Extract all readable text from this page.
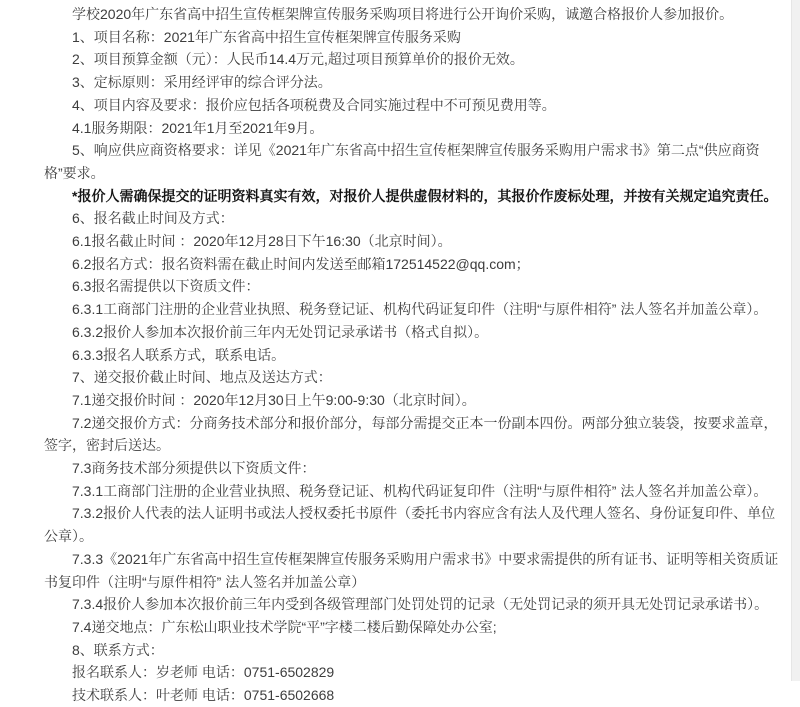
学校2020年广东省高中招生宣传框架牌宣传服务采购项目将进行公开询价采购，诚邀合格报价人参加报价。

1、项目名称：2021年广东省高中招生宣传框架牌宣传服务采购

2、项目预算金额（元）：人民币14.4万元,超过项目预算单价的报价无效。

3、定标原则：采用经评审的综合评分法。

4、项目内容及要求：报价应包括各项税费及合同实施过程中不可预见费用等。

4.1服务期限：2021年1月至2021年9月。

5、响应供应商资格要求：详见《2021年广东省高中招生宣传框架牌宣传服务采购用户需求书》第二点“供应商资格”要求。

*报价人需确保提交的证明资料真实有效，对报价人提供虚假材料的，其报价作废标处理，并按有关规定追究责任。

6、报名截止时间及方式：

6.1报名截止时间 ：2020年12月28日下午16:30（北京时间）。

6.2报名方式：报名资料需在截止时间内发送至邮箱172514522@qq.com；

6.3报名需提供以下资质文件：

6.3.1工商部门注册的企业营业执照、税务登记证、机构代码证复印件（注明“与原件相符” 法人签名并加盖公章）。

6.3.2报价人参加本次报价前三年内无处罚记录承诺书（格式自拟）。

6.3.3报名人联系方式，联系电话。

7、递交报价截止时间、地点及送达方式：

7.1递交报价时间 ：2020年12月30日上午9:00-9:30（北京时间）。

7.2递交报价方式：分商务技术部分和报价部分，每部分需提交正本一份副本四份。两部分独立装袋，按要求盖章，签字，密封后送达。

7.3商务技术部分须提供以下资质文件：

7.3.1工商部门注册的企业营业执照、税务登记证、机构代码证复印件（注明“与原件相符” 法人签名并加盖公章）。

7.3.2报价人代表的法人证明书或法人授权委托书原件（委托书内容应含有法人及代理人签名、身份证复印件、单位公章）。

7.3.3《2021年广东省高中招生宣传框架牌宣传服务采购用户需求书》中要求需提供的所有证书、证明等相关资质证书复印件（注明“与原件相符” 法人签名并加盖公章）

7.3.4报价人参加本次报价前三年内受到各级管理部门处罚处罚的记录（无处罚记录的须开具无处罚记录承诺书）。

7.4递交地点：广东松山职业技术学院“平”字楼二楼后勤保障处办公室;

8、联系方式：

报名联系人：岁老师 电话：0751-6502829

技术联系人：叶老师 电话：0751-6502668
